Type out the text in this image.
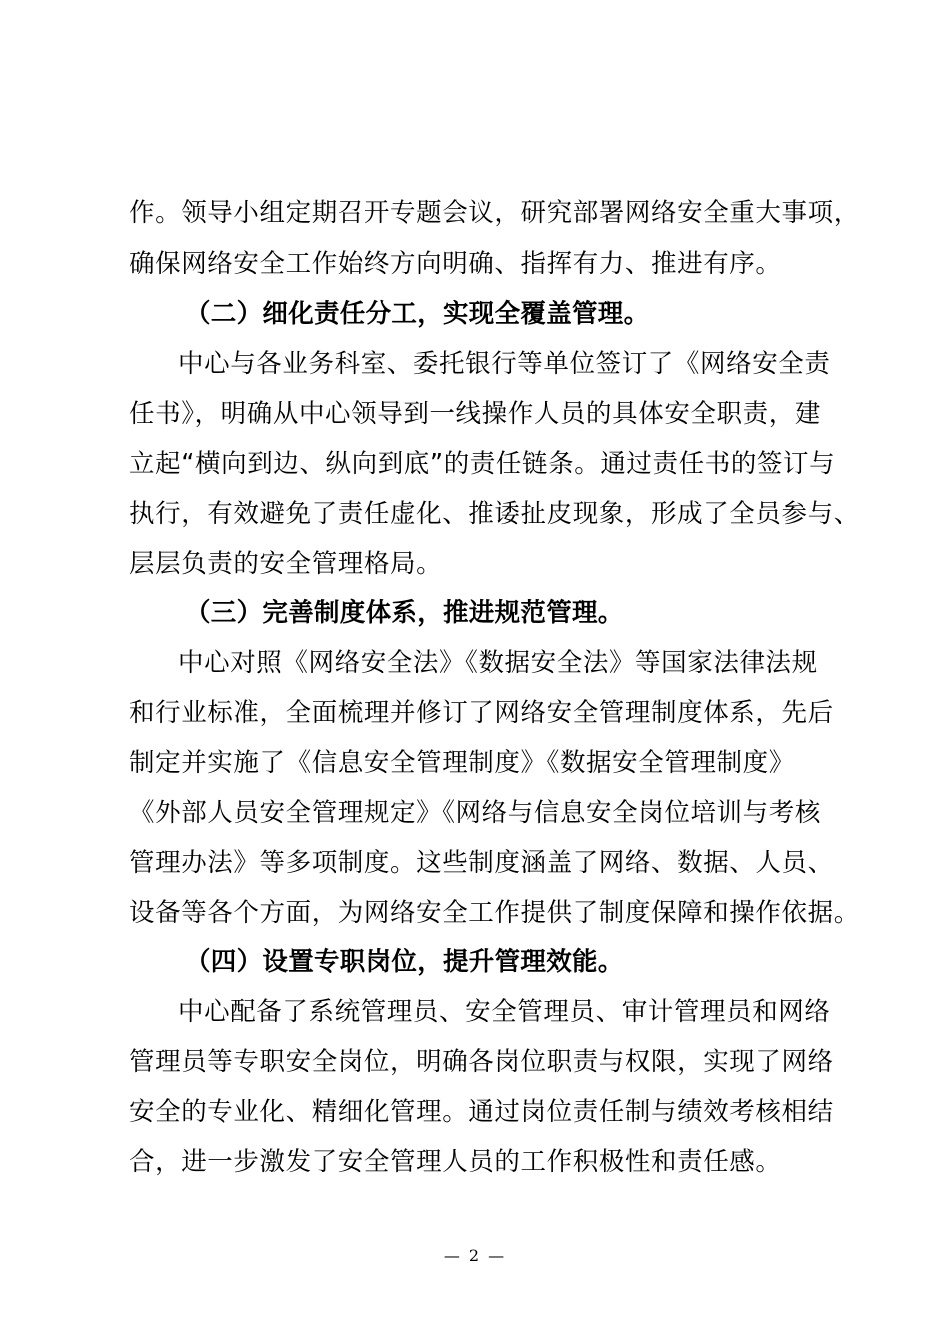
作。领导小组定期召开专题会议，研究部署网络安全重大事项，
确保网络安全工作始终方向明确、指挥有力、推进有序。
（二）细化责任分工，实现全覆盖管理。
中心与各业务科室、委托银行等单位签订了《网络安全责
任书》，明确从中心领导到一线操作人员的具体安全职责，建
立起“横向到边、纵向到底”的责任链条。通过责任书的签订与
执行，有效避免了责任虚化、推诿扯皮现象，形成了全员参与、
层层负责的安全管理格局。
（三）完善制度体系，推进规范管理。
中心对照《网络安全法》《数据安全法》等国家法律法规
和行业标准，全面梳理并修订了网络安全管理制度体系，先后
制定并实施了《信息安全管理制度》《数据安全管理制度》
《外部人员安全管理规定》《网络与信息安全岗位培训与考核
管理办法》等多项制度。这些制度涵盖了网络、数据、人员、
设备等各个方面，为网络安全工作提供了制度保障和操作依据。
（四）设置专职岗位，提升管理效能。
中心配备了系统管理员、安全管理员、审计管理员和网络
管理员等专职安全岗位，明确各岗位职责与权限，实现了网络
安全的专业化、精细化管理。通过岗位责任制与绩效考核相结
合，进一步激发了安全管理人员的工作积极性和责任感。
— 2 —
